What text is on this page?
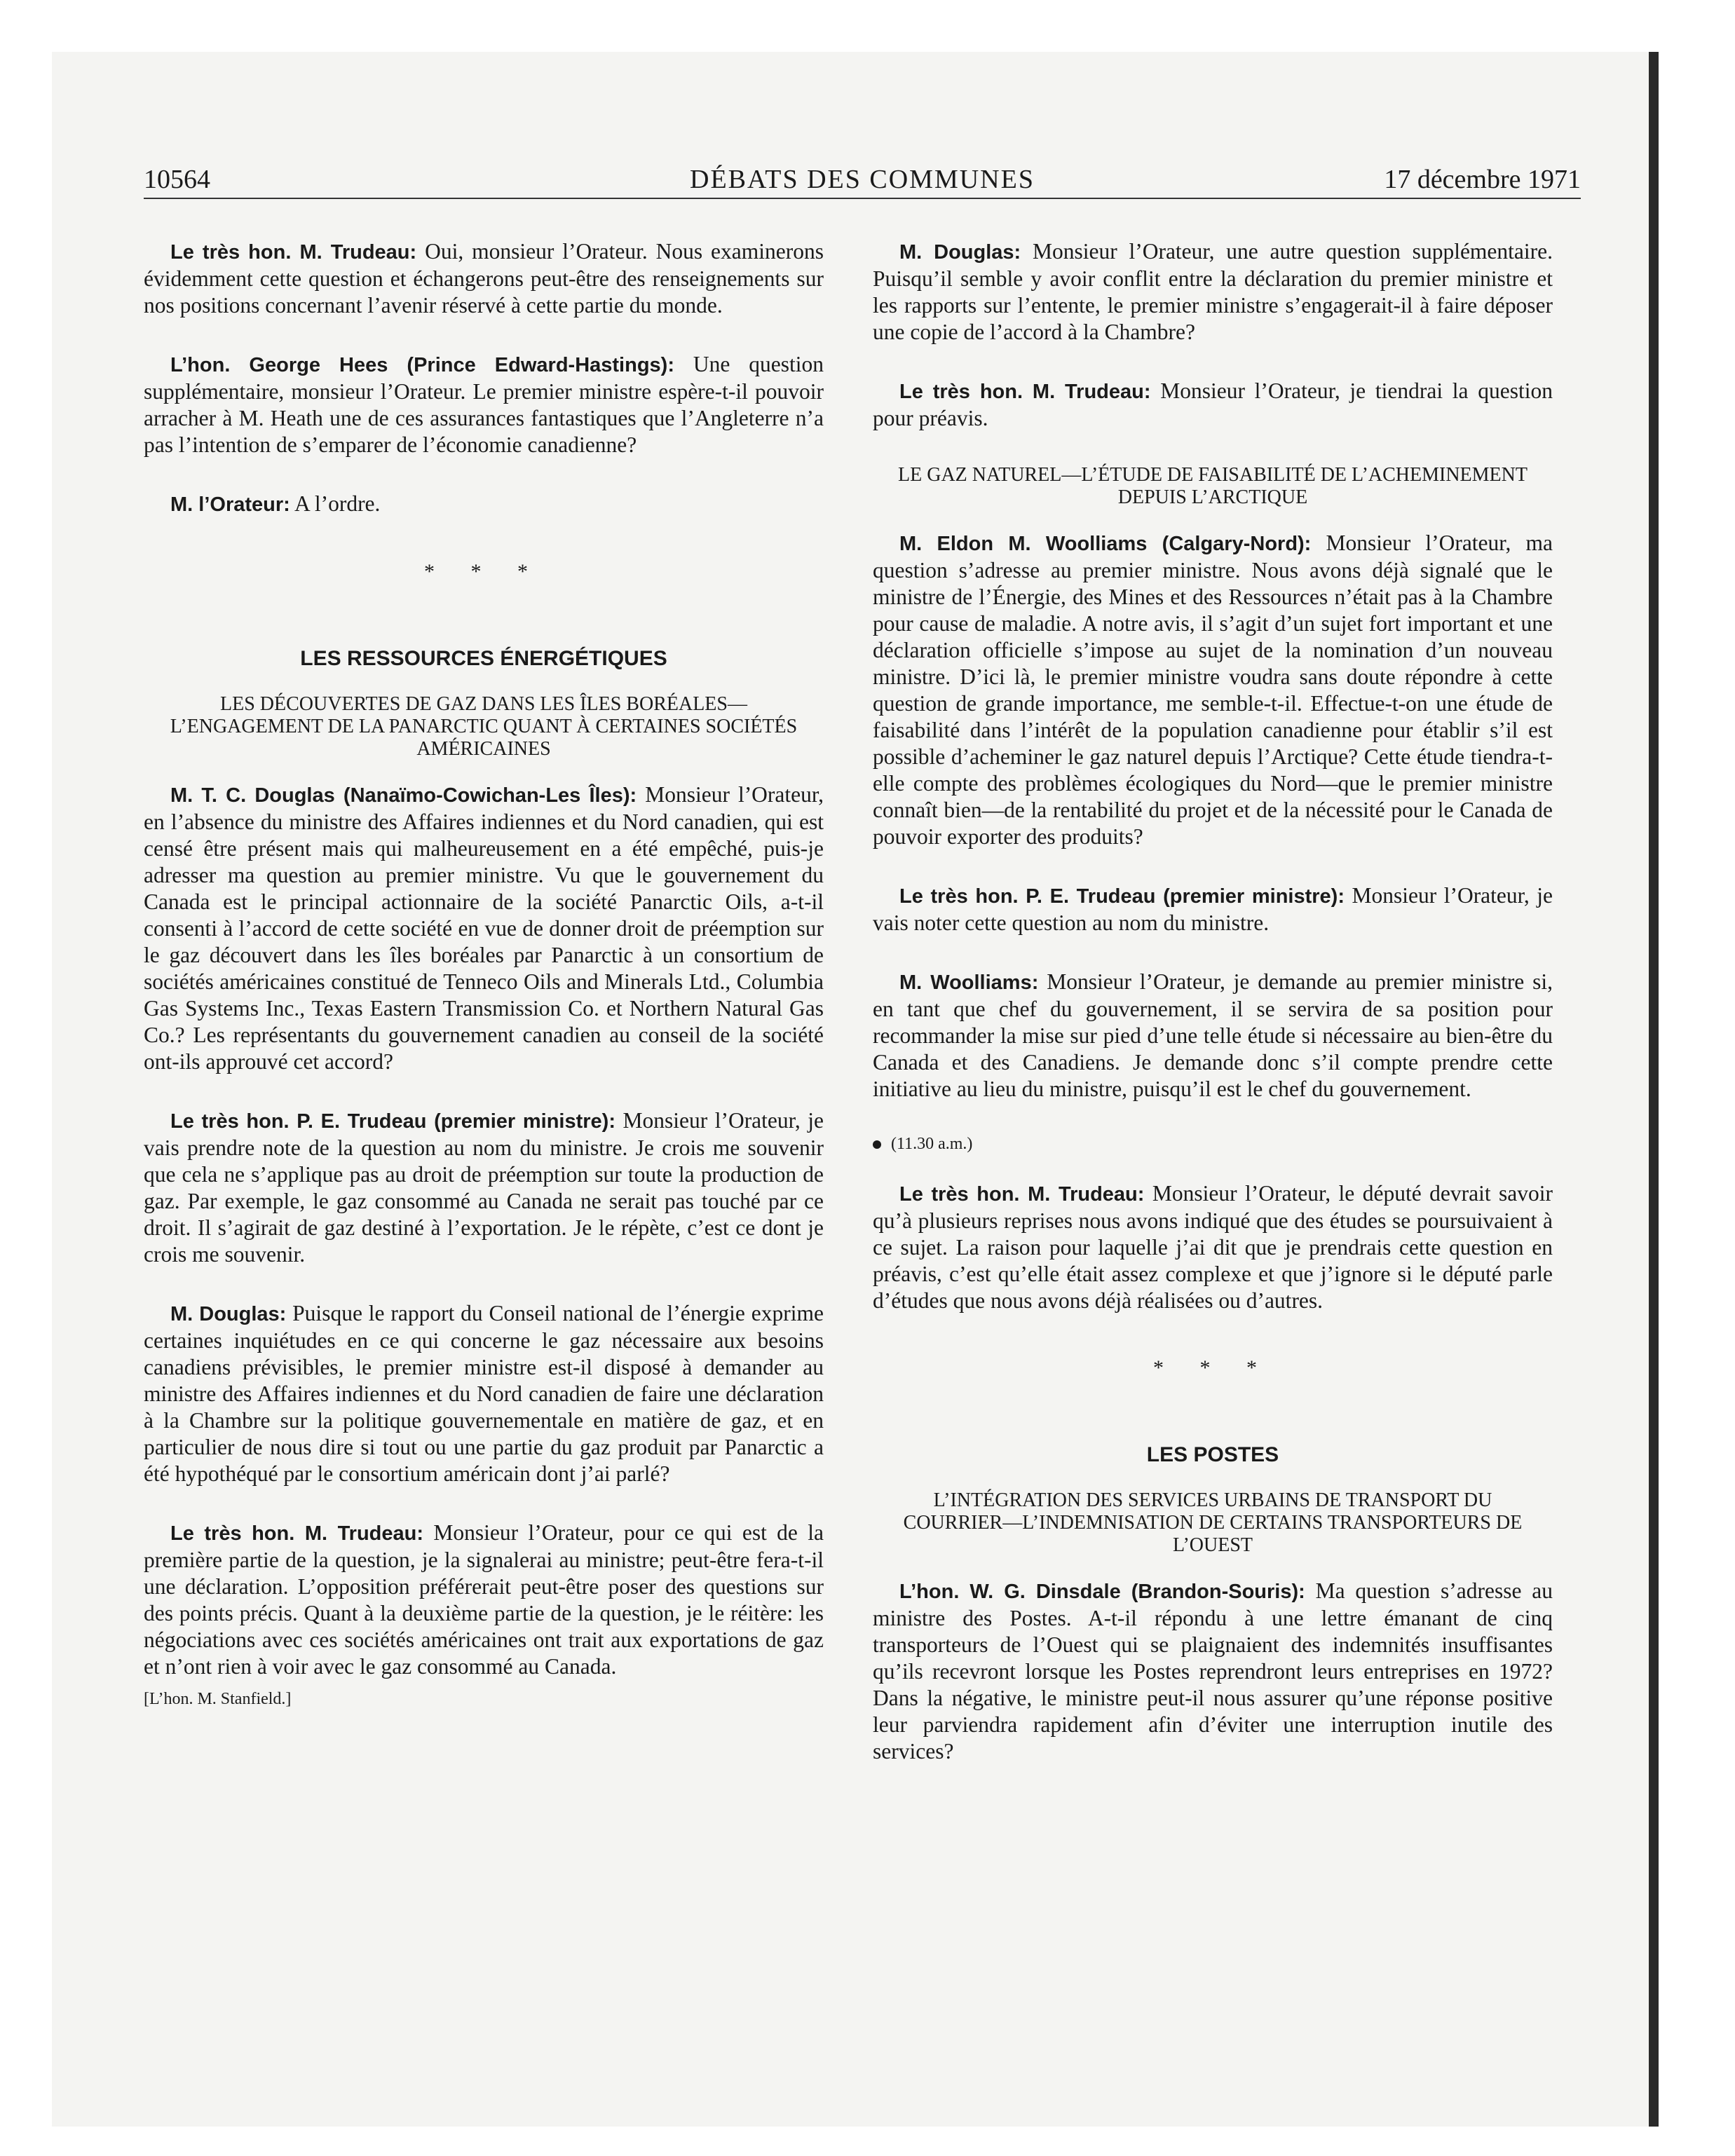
10564	DÉBATS DES COMMUNES	17 décembre 1971

Le très hon. M. Trudeau: Oui, monsieur l’Orateur. Nous examinerons évidemment cette question et échangerons peut-être des renseignements sur nos positions concernant l’avenir réservé à cette partie du monde.

L’hon. George Hees (Prince Edward-Hastings): Une question supplémentaire, monsieur l’Orateur. Le premier ministre espère-t-il pouvoir arracher à M. Heath une de ces assurances fantastiques que l’Angleterre n’a pas l’intention de s’emparer de l’économie canadienne?

M. l’Orateur: A l’ordre.

* * *
LES RESSOURCES ÉNERGÉTIQUES
LES DÉCOUVERTES DE GAZ DANS LES ÎLES BORÉALES—L’ENGAGEMENT DE LA PANARCTIC QUANT À CERTAINES SOCIÉTÉS AMÉRICAINES

M. T. C. Douglas (Nanaïmo-Cowichan-Les Îles): Monsieur l’Orateur, en l’absence du ministre des Affaires indiennes et du Nord canadien, qui est censé être présent mais qui malheureusement en a été empêché, puis-je adresser ma question au premier ministre. Vu que le gouvernement du Canada est le principal actionnaire de la société Panarctic Oils, a-t-il consenti à l’accord de cette société en vue de donner droit de préemption sur le gaz découvert dans les îles boréales par Panarctic à un consortium de sociétés américaines constitué de Tenneco Oils and Minerals Ltd., Columbia Gas Systems Inc., Texas Eastern Transmission Co. et Northern Natural Gas Co.? Les représentants du gouvernement canadien au conseil de la société ont-ils approuvé cet accord?

Le très hon. P. E. Trudeau (premier ministre): Monsieur l’Orateur, je vais prendre note de la question au nom du ministre. Je crois me souvenir que cela ne s’applique pas au droit de préemption sur toute la production de gaz. Par exemple, le gaz consommé au Canada ne serait pas touché par ce droit. Il s’agirait de gaz destiné à l’exportation. Je le répète, c’est ce dont je crois me souvenir.

M. Douglas: Puisque le rapport du Conseil national de l’énergie exprime certaines inquiétudes en ce qui concerne le gaz nécessaire aux besoins canadiens prévisibles, le premier ministre est-il disposé à demander au ministre des Affaires indiennes et du Nord canadien de faire une déclaration à la Chambre sur la politique gouvernementale en matière de gaz, et en particulier de nous dire si tout ou une partie du gaz produit par Panarctic a été hypothéqué par le consortium américain dont j’ai parlé?

Le très hon. M. Trudeau: Monsieur l’Orateur, pour ce qui est de la première partie de la question, je la signalerai au ministre; peut-être fera-t-il une déclaration. L’opposition préférerait peut-être poser des questions sur des points précis. Quant à la deuxième partie de la question, je le réitère: les négociations avec ces sociétés américaines ont trait aux exportations de gaz et n’ont rien à voir avec le gaz consommé au Canada.

[L’hon. M. Stanfield.]

M. Douglas: Monsieur l’Orateur, une autre question supplémentaire. Puisqu’il semble y avoir conflit entre la déclaration du premier ministre et les rapports sur l’entente, le premier ministre s’engagerait-il à faire déposer une copie de l’accord à la Chambre?

Le très hon. M. Trudeau: Monsieur l’Orateur, je tiendrai la question pour préavis.

LE GAZ NATUREL—L’ÉTUDE DE FAISABILITÉ DE L’ACHEMINEMENT DEPUIS L’ARCTIQUE

M. Eldon M. Woolliams (Calgary-Nord): Monsieur l’Orateur, ma question s’adresse au premier ministre. Nous avons déjà signalé que le ministre de l’Énergie, des Mines et des Ressources n’était pas à la Chambre pour cause de maladie. A notre avis, il s’agit d’un sujet fort important et une déclaration officielle s’impose au sujet de la nomination d’un nouveau ministre. D’ici là, le premier ministre voudra sans doute répondre à cette question de grande importance, me semble-t-il. Effectue-t-on une étude de faisabilité dans l’intérêt de la population canadienne pour établir s’il est possible d’acheminer le gaz naturel depuis l’Arctique? Cette étude tiendra-t-elle compte des problèmes écologiques du Nord—que le premier ministre connaît bien—de la rentabilité du projet et de la nécessité pour le Canada de pouvoir exporter des produits?

Le très hon. P. E. Trudeau (premier ministre): Monsieur l’Orateur, je vais noter cette question au nom du ministre.

M. Woolliams: Monsieur l’Orateur, je demande au premier ministre si, en tant que chef du gouvernement, il se servira de sa position pour recommander la mise sur pied d’une telle étude si nécessaire au bien-être du Canada et des Canadiens. Je demande donc s’il compte prendre cette initiative au lieu du ministre, puisqu’il est le chef du gouvernement.

(11.30 a.m.)

Le très hon. M. Trudeau: Monsieur l’Orateur, le député devrait savoir qu’à plusieurs reprises nous avons indiqué que des études se poursuivaient à ce sujet. La raison pour laquelle j’ai dit que je prendrais cette question en préavis, c’est qu’elle était assez complexe et que j’ignore si le député parle d’études que nous avons déjà réalisées ou d’autres.

* * *
LES POSTES
L’INTÉGRATION DES SERVICES URBAINS DE TRANSPORT DU COURRIER—L’INDEMNISATION DE CERTAINS TRANSPORTEURS DE L’OUEST

L’hon. W. G. Dinsdale (Brandon-Souris): Ma question s’adresse au ministre des Postes. A-t-il répondu à une lettre émanant de cinq transporteurs de l’Ouest qui se plaignaient des indemnités insuffisantes qu’ils recevront lorsque les Postes reprendront leurs entreprises en 1972? Dans la négative, le ministre peut-il nous assurer qu’une réponse positive leur parviendra rapidement afin d’éviter une interruption inutile des services?
